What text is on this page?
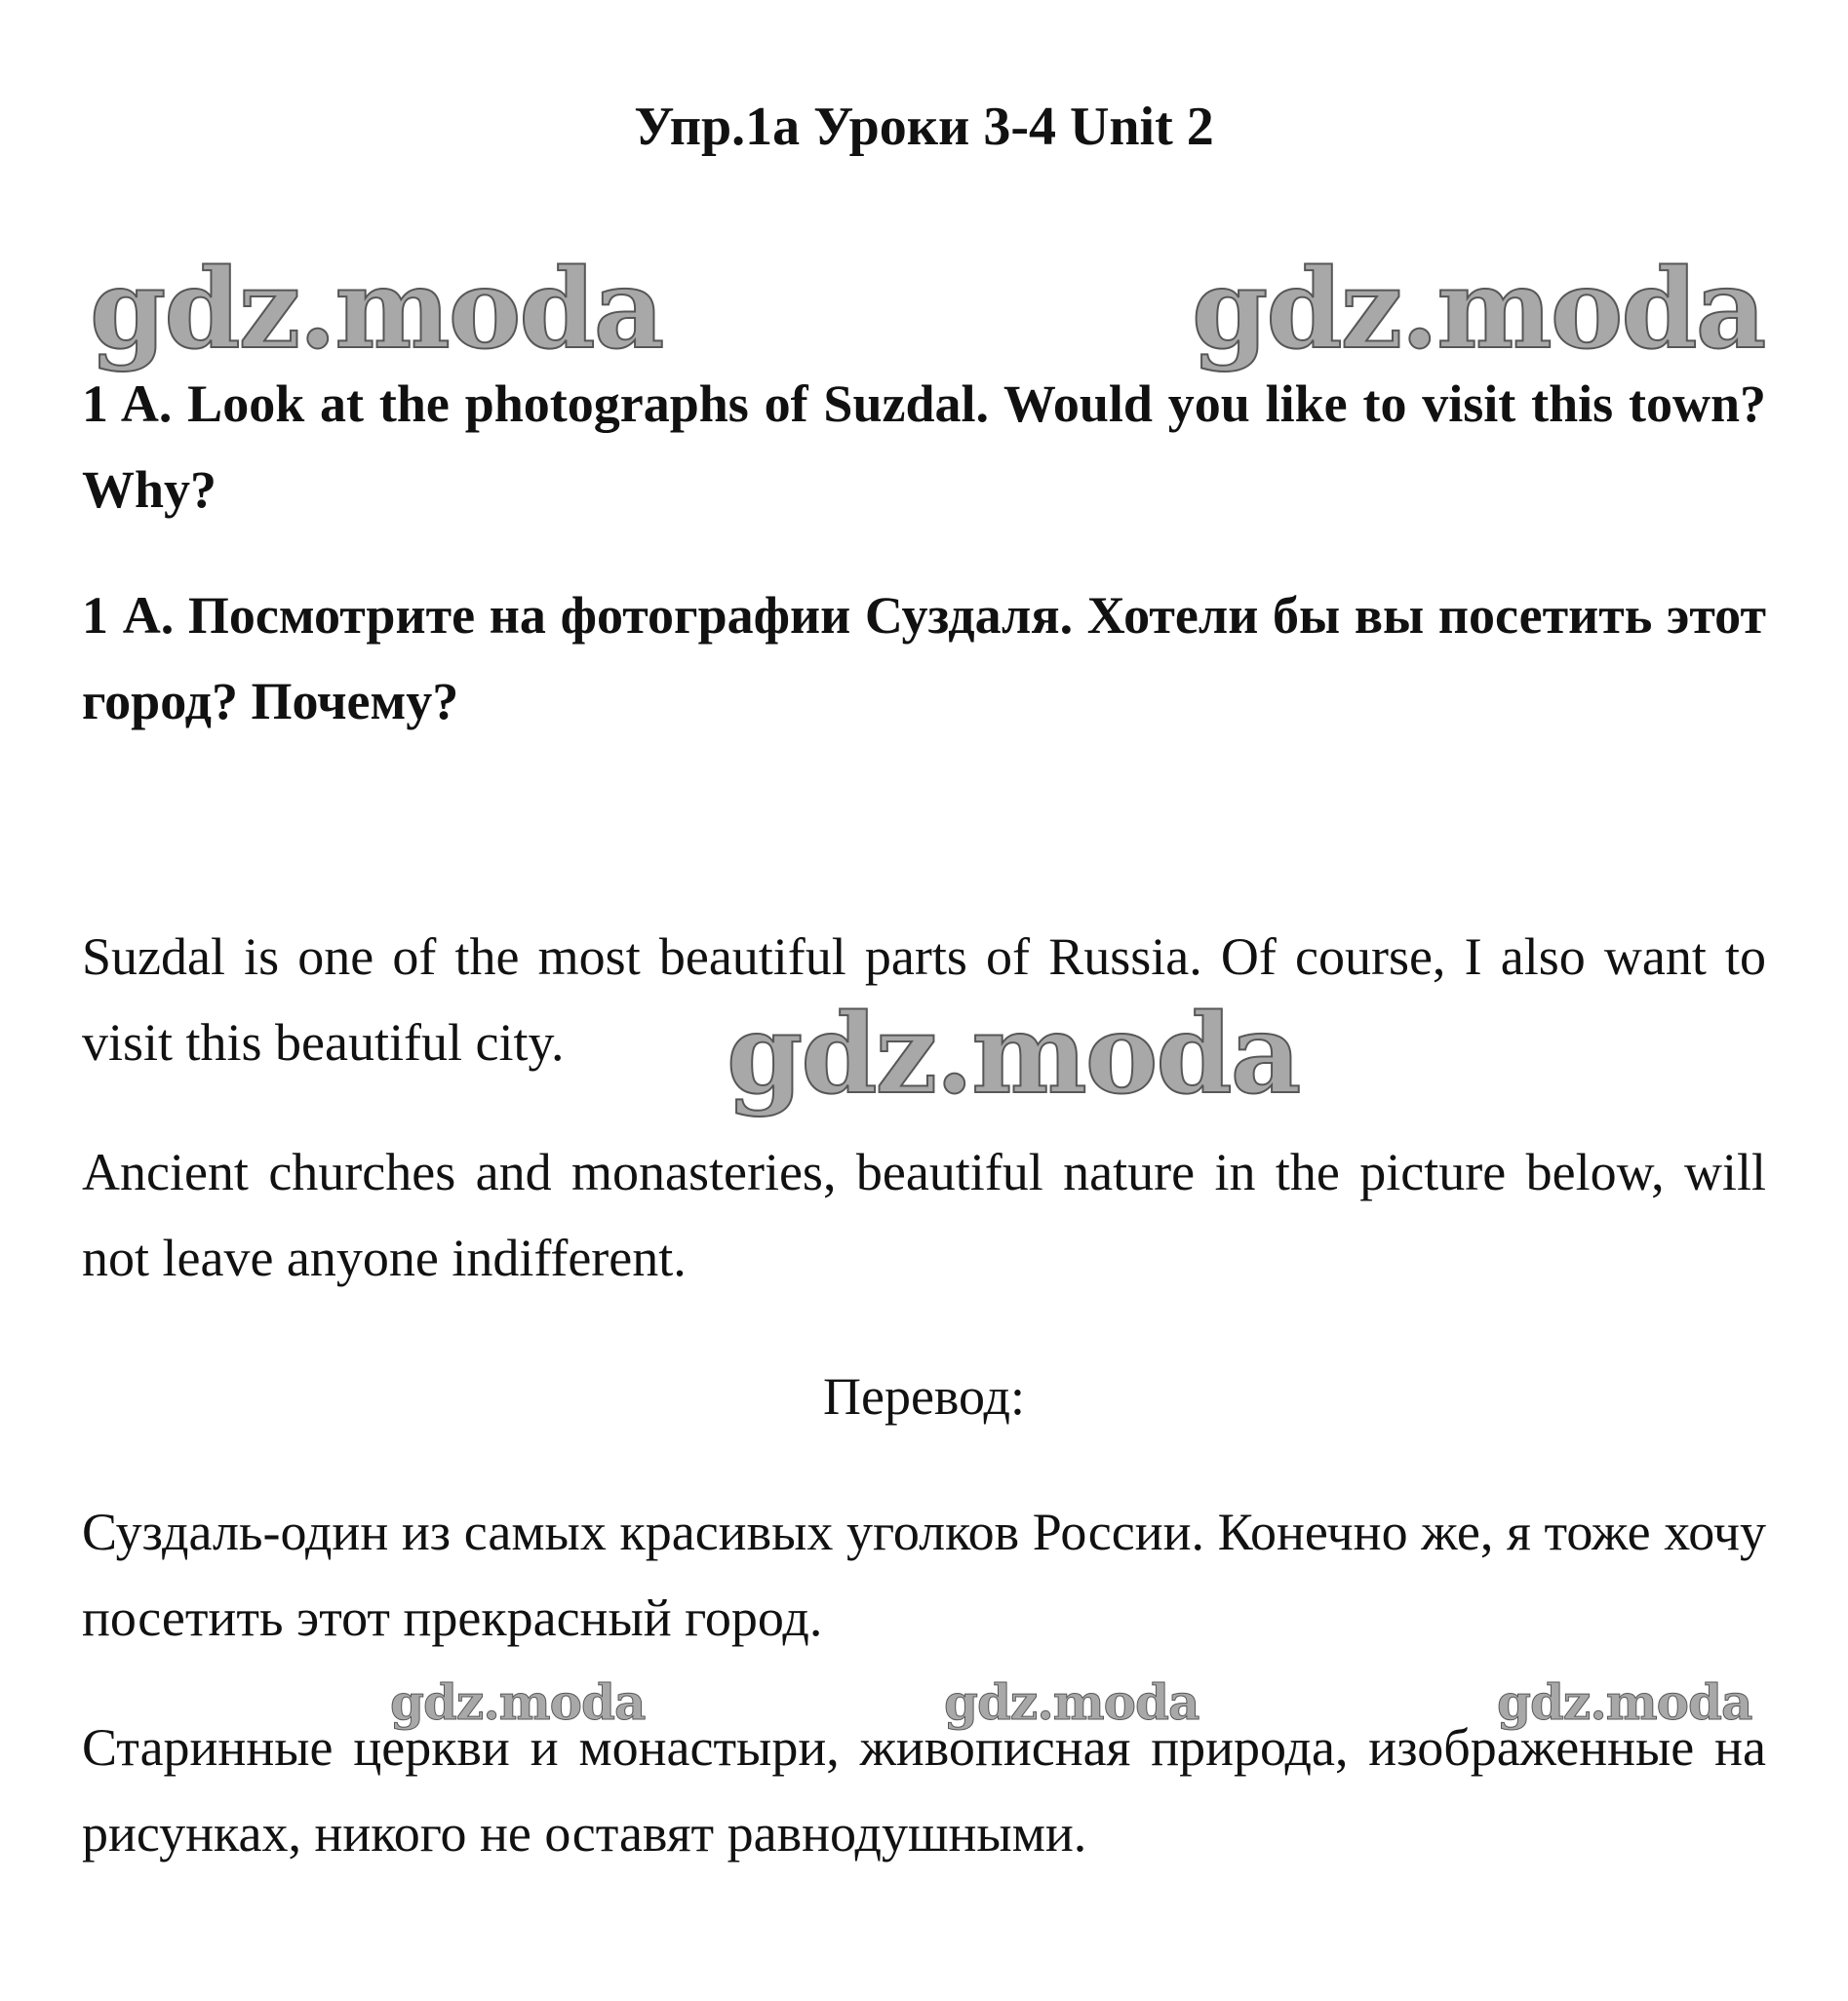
Упр.1а Уроки 3-4 Unit 2
gdz.moda	gdz.moda
1 A. Look at the photographs of Suzdal. Would you like to visit this town? Why?
1 А. Посмотрите на фотографии Суздаля. Хотели бы вы посетить этот город? Почему?
Suzdal is one of the most beautiful parts of Russia. Of course, I also want to visit this beautiful city.	gdz.moda
Ancient churches and monasteries, beautiful nature in the picture below, will not leave anyone indifferent.
Перевод:
Суздаль-один из самых красивых уголков России. Конечно же, я тоже хочу посетить этот прекрасный город.
gdz.moda	gdz.moda	gdz.moda
Старинные церкви и монастыри, живописная природа, изображенные на рисунках, никого не оставят равнодушными.
